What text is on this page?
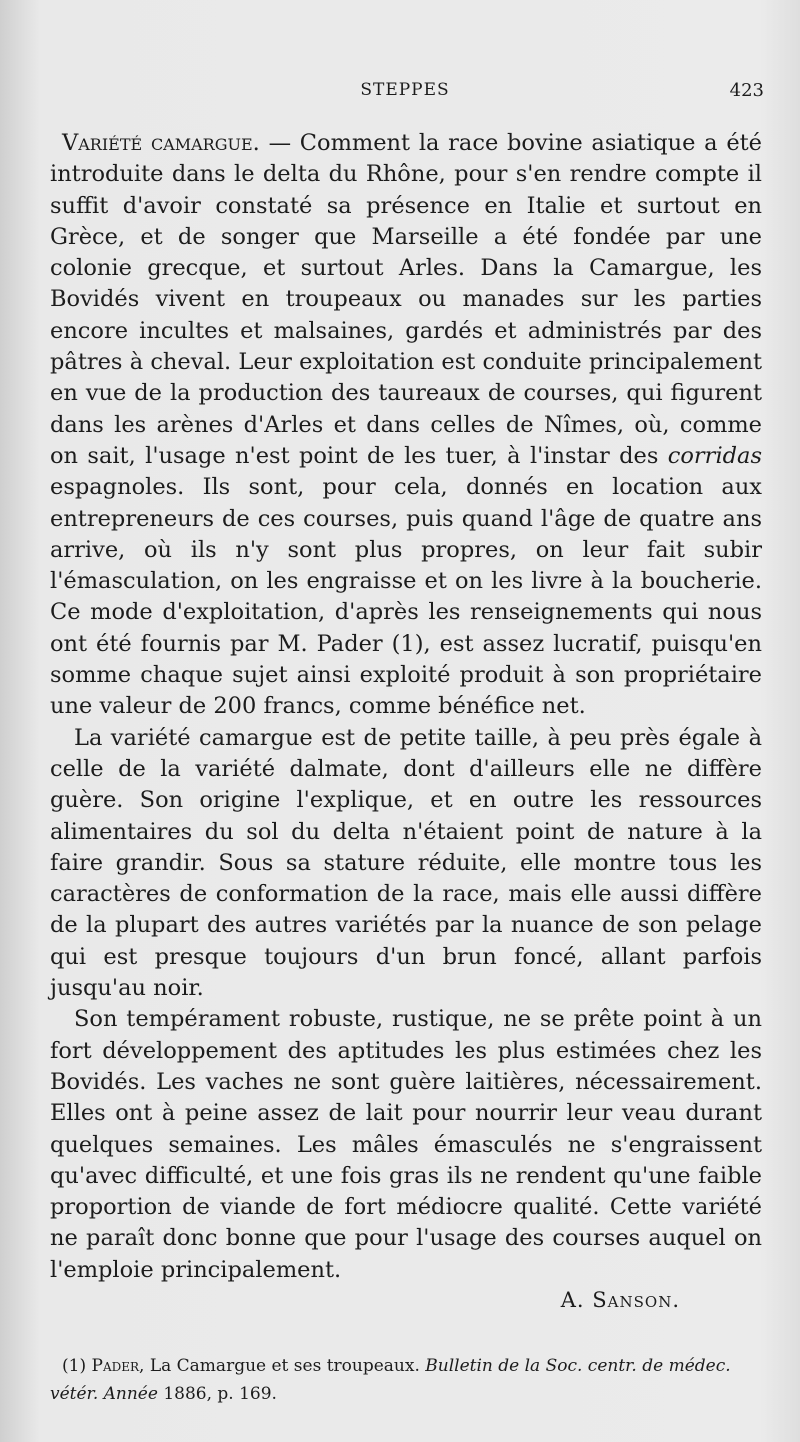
STEPPES	423

Variété camargue. — Comment la race bovine asiatique a été introduite dans le delta du Rhône, pour s'en rendre compte il suffit d'avoir constaté sa présence en Italie et surtout en Grèce, et de songer que Marseille a été fondée par une colonie grecque, et surtout Arles. Dans la Camargue, les Bovidés vivent en troupeaux ou manades sur les parties encore incultes et malsaines, gardés et administrés par des pâtres à cheval. Leur exploitation est conduite principalement en vue de la production des taureaux de courses, qui figurent dans les arènes d'Arles et dans celles de Nîmes, où, comme on sait, l'usage n'est point de les tuer, à l'instar des corridas espagnoles. Ils sont, pour cela, donnés en location aux entrepreneurs de ces courses, puis quand l'âge de quatre ans arrive, où ils n'y sont plus propres, on leur fait subir l'émasculation, on les engraisse et on les livre à la boucherie. Ce mode d'exploitation, d'après les renseignements qui nous ont été fournis par M. Pader (1), est assez lucratif, puisqu'en somme chaque sujet ainsi exploité produit à son propriétaire une valeur de 200 francs, comme bénéfice net.

La variété camargue est de petite taille, à peu près égale à celle de la variété dalmate, dont d'ailleurs elle ne diffère guère. Son origine l'explique, et en outre les ressources alimentaires du sol du delta n'étaient point de nature à la faire grandir. Sous sa stature réduite, elle montre tous les caractères de conformation de la race, mais elle aussi diffère de la plupart des autres variétés par la nuance de son pelage qui est presque toujours d'un brun foncé, allant parfois jusqu'au noir.

Son tempérament robuste, rustique, ne se prête point à un fort développement des aptitudes les plus estimées chez les Bovidés. Les vaches ne sont guère laitières, nécessairement. Elles ont à peine assez de lait pour nourrir leur veau durant quelques semaines. Les mâles émasculés ne s'engraissent qu'avec difficulté, et une fois gras ils ne rendent qu'une faible proportion de viande de fort médiocre qualité. Cette variété ne paraît donc bonne que pour l'usage des courses auquel on l'emploie principalement.

A. Sanson.
(1) Pader, La Camargue et ses troupeaux. Bulletin de la Soc. centr. de médec. vétér. Année 1886, p. 169.
